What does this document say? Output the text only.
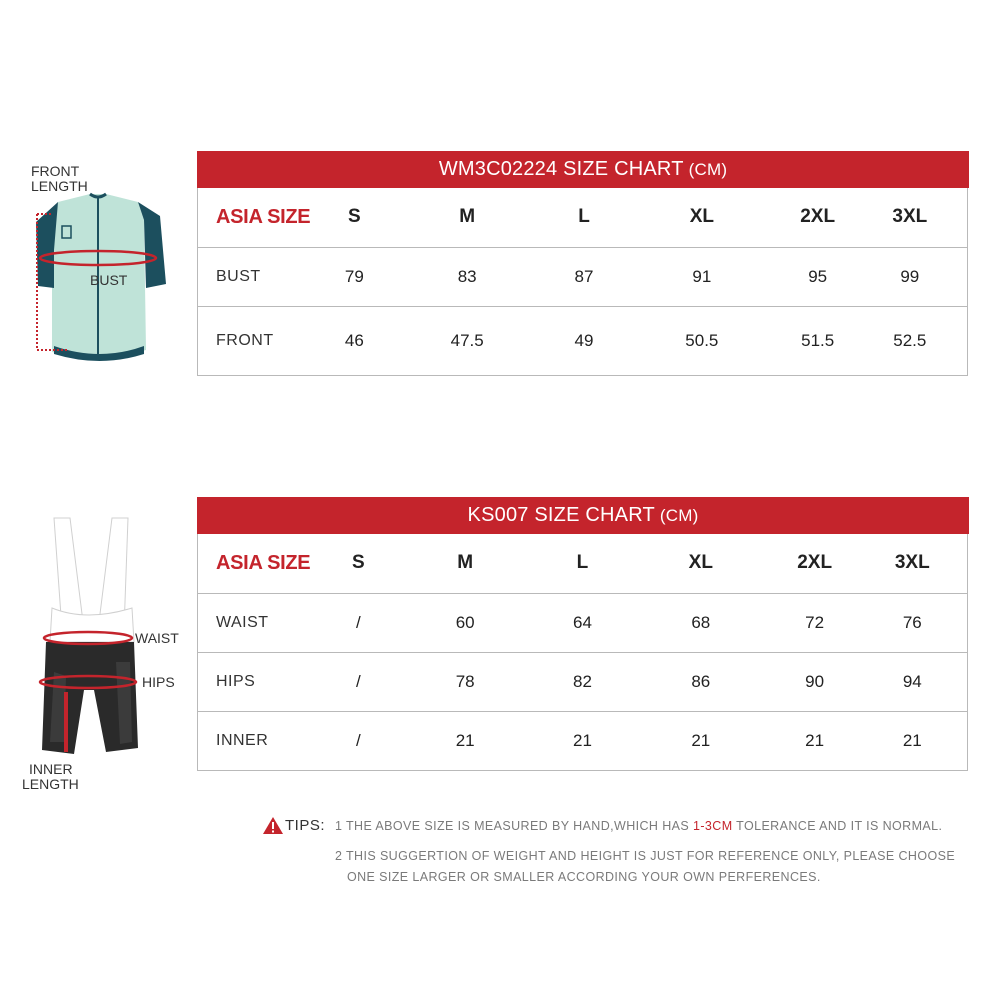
FRONT
LENGTH
BUST
WM3C02224 SIZE CHART (CM)
ASIA SIZE	S	M	L	XL	2XL	3XL
BUST	79	83	87	91	95	99
FRONT	46	47.5	49	50.5	51.5	52.5
WAIST
HIPS
INNER
LENGTH
KS007 SIZE CHART (CM)
ASIA SIZE	S	M	L	XL	2XL	3XL
WAIST	/	60	64	68	72	76
HIPS	/	78	82	86	90	94
INNER	/	21	21	21	21	21
TIPS: 1 THE ABOVE SIZE IS MEASURED BY HAND,WHICH HAS 1-3CM TOLERANCE AND IT IS NORMAL.
2 THIS SUGGERTION OF WEIGHT AND HEIGHT IS JUST FOR REFERENCE ONLY, PLEASE CHOOSE
ONE SIZE LARGER OR SMALLER ACCORDING YOUR OWN PERFERENCES.
